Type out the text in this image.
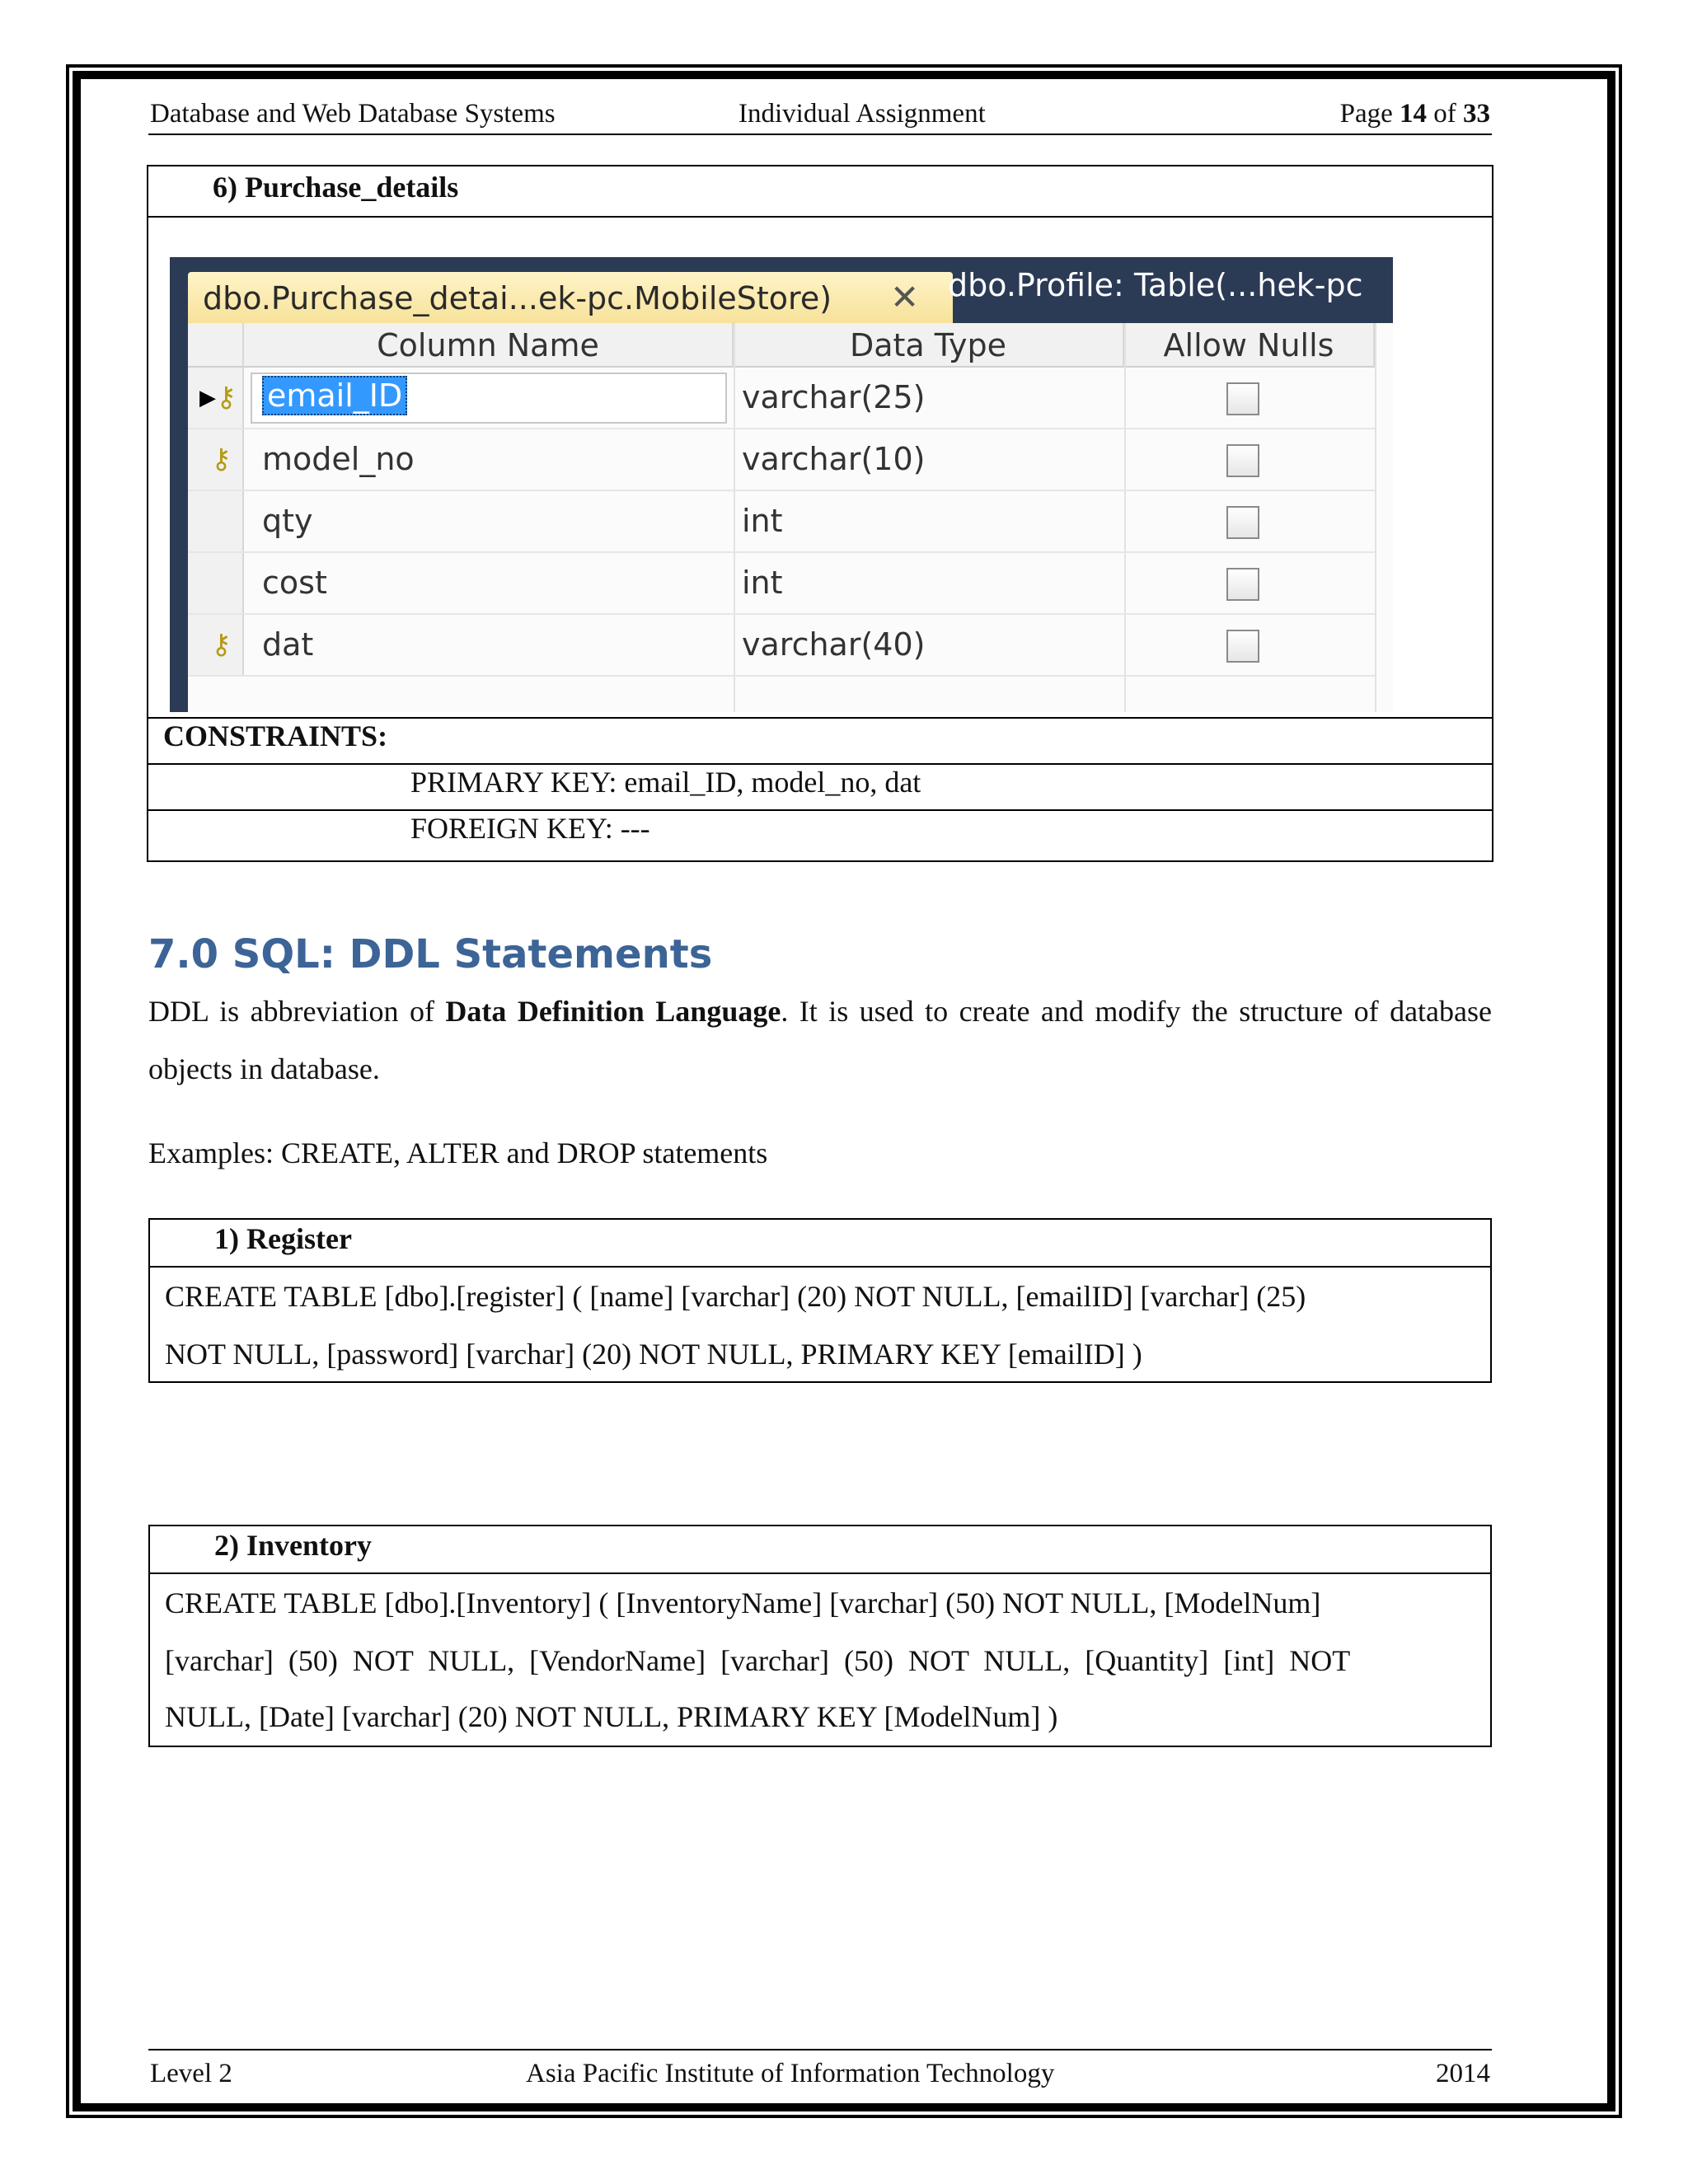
Database and Web Database Systems	Individual Assignment	Page 14 of 33
6) Purchase_details
CONSTRAINTS:
PRIMARY KEY: email_ID, model_no, dat
FOREIGN KEY: ---
dbo.Purchase_detai...ek-pc.MobileStore) ✕ dbo.Profile: Table(...hek-pc
Column Name	Data Type	Allow Nulls
▶ ⚷ email_ID	varchar(25)
⚷ model_no	varchar(10)
qty	int
cost	int
⚷ dat	varchar(40)
7.0 SQL: DDL Statements
DDL is abbreviation of Data Definition Language. It is used to create and modify the structure of database objects in database.
Examples: CREATE, ALTER and DROP statements
1) Register
CREATE TABLE [dbo].[register] ( [name] [varchar] (20) NOT NULL, [emailID] [varchar] (25)
NOT NULL, [password] [varchar] (20) NOT NULL, PRIMARY KEY [emailID] )
2) Inventory
CREATE TABLE [dbo].[Inventory] ( [InventoryName] [varchar] (50) NOT NULL, [ModelNum]
[varchar]  (50)  NOT  NULL,  [VendorName]  [varchar]  (50)  NOT  NULL,  [Quantity]  [int]  NOT
NULL, [Date] [varchar] (20) NOT NULL, PRIMARY KEY [ModelNum] )
Level 2	Asia Pacific Institute of Information Technology	2014
